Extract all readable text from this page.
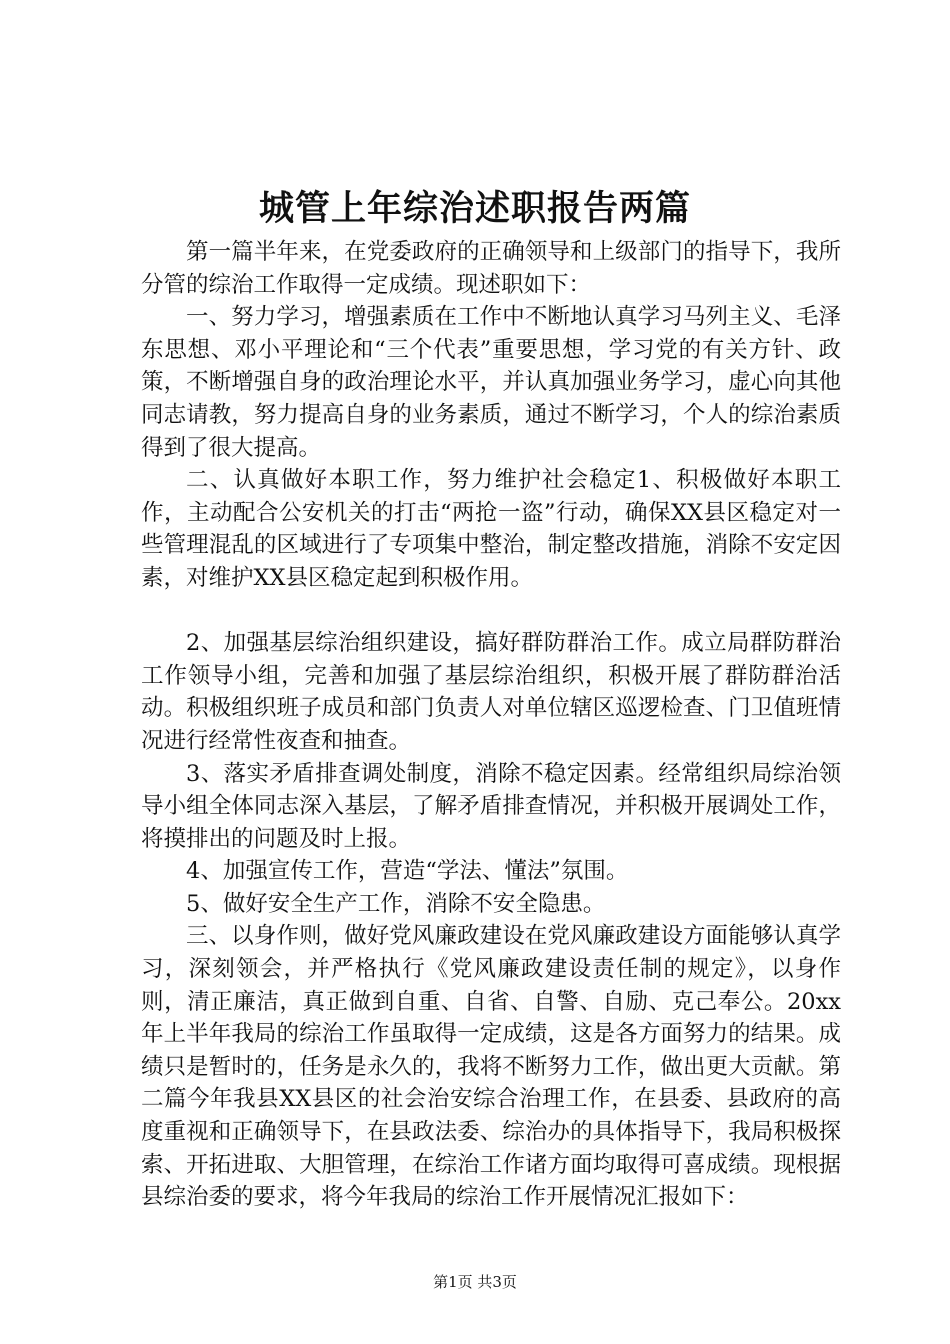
城管上年综治述职报告两篇

第一篇半年来，在党委政府的正确领导和上级部门的指导下，我所分管的综治工作取得一定成绩。现述职如下：

一、努力学习，增强素质在工作中不断地认真学习马列主义、毛泽东思想、邓小平理论和“三个代表”重要思想，学习党的有关方针、政策，不断增强自身的政治理论水平，并认真加强业务学习，虚心向其他同志请教，努力提高自身的业务素质，通过不断学习，个人的综治素质得到了很大提高。

二、认真做好本职工作，努力维护社会稳定1、积极做好本职工作，主动配合公安机关的打击“两抢一盗”行动，确保XX县区稳定对一些管理混乱的区域进行了专项集中整治，制定整改措施，消除不安定因素，对维护XX县区稳定起到积极作用。

2、加强基层综治组织建设，搞好群防群治工作。成立局群防群治工作领导小组，完善和加强了基层综治组织，积极开展了群防群治活动。积极组织班子成员和部门负责人对单位辖区巡逻检查、门卫值班情况进行经常性夜查和抽查。

3、落实矛盾排查调处制度，消除不稳定因素。经常组织局综治领导小组全体同志深入基层，了解矛盾排查情况，并积极开展调处工作，将摸排出的问题及时上报。

4、加强宣传工作，营造“学法、懂法”氛围。

5、做好安全生产工作，消除不安全隐患。

三、以身作则，做好党风廉政建设在党风廉政建设方面能够认真学习，深刻领会，并严格执行《党风廉政建设责任制的规定》，以身作则，清正廉洁，真正做到自重、自省、自警、自励、克己奉公。20xx年上半年我局的综治工作虽取得一定成绩，这是各方面努力的结果。成绩只是暂时的，任务是永久的，我将不断努力工作，做出更大贡献。第二篇今年我县XX县区的社会治安综合治理工作，在县委、县政府的高度重视和正确领导下，在县政法委、综治办的具体指导下，我局积极探索、开拓进取、大胆管理，在综治工作诸方面均取得可喜成绩。现根据县综治委的要求，将今年我局的综治工作开展情况汇报如下：

第1页 共3页
